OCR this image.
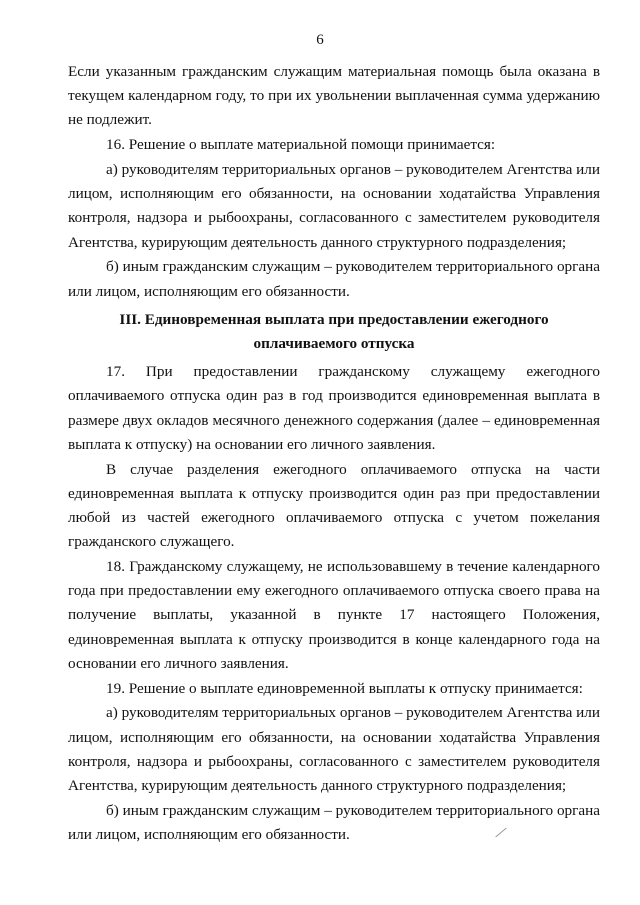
6

Если указанным гражданским служащим материальная помощь была оказана в текущем календарном году, то при их увольнении выплаченная сумма удержанию не подлежит.

16. Решение о выплате материальной помощи принимается:

а) руководителям территориальных органов – руководителем Агентства или лицом, исполняющим его обязанности, на основании ходатайства Управления контроля, надзора и рыбоохраны, согласованного с заместителем руководителя Агентства, курирующим деятельность данного структурного подразделения;

б) иным гражданским служащим – руководителем территориального органа или лицом, исполняющим его обязанности.

III. Единовременная выплата при предоставлении ежегодного
оплачиваемого отпуска

17. При предоставлении гражданскому служащему ежегодного оплачиваемого отпуска один раз в год производится единовременная выплата в размере двух окладов месячного денежного содержания (далее – единовременная выплата к отпуску) на основании его личного заявления.

В случае разделения ежегодного оплачиваемого отпуска на части единовременная выплата к отпуску производится один раз при предоставлении любой из частей ежегодного оплачиваемого отпуска с учетом пожелания гражданского служащего.

18. Гражданскому служащему, не использовавшему в течение календарного года при предоставлении ему ежегодного оплачиваемого отпуска своего права на получение выплаты, указанной в пункте 17 настоящего Положения, единовременная выплата к отпуску производится в конце календарного года на основании его личного заявления.

19. Решение о выплате единовременной выплаты к отпуску принимается:

а) руководителям территориальных органов – руководителем Агентства или лицом, исполняющим его обязанности, на основании ходатайства Управления контроля, надзора и рыбоохраны, согласованного с заместителем руководителя Агентства, курирующим деятельность данного структурного подразделения;

б) иным гражданским служащим – руководителем территориального органа или лицом, исполняющим его обязанности.
